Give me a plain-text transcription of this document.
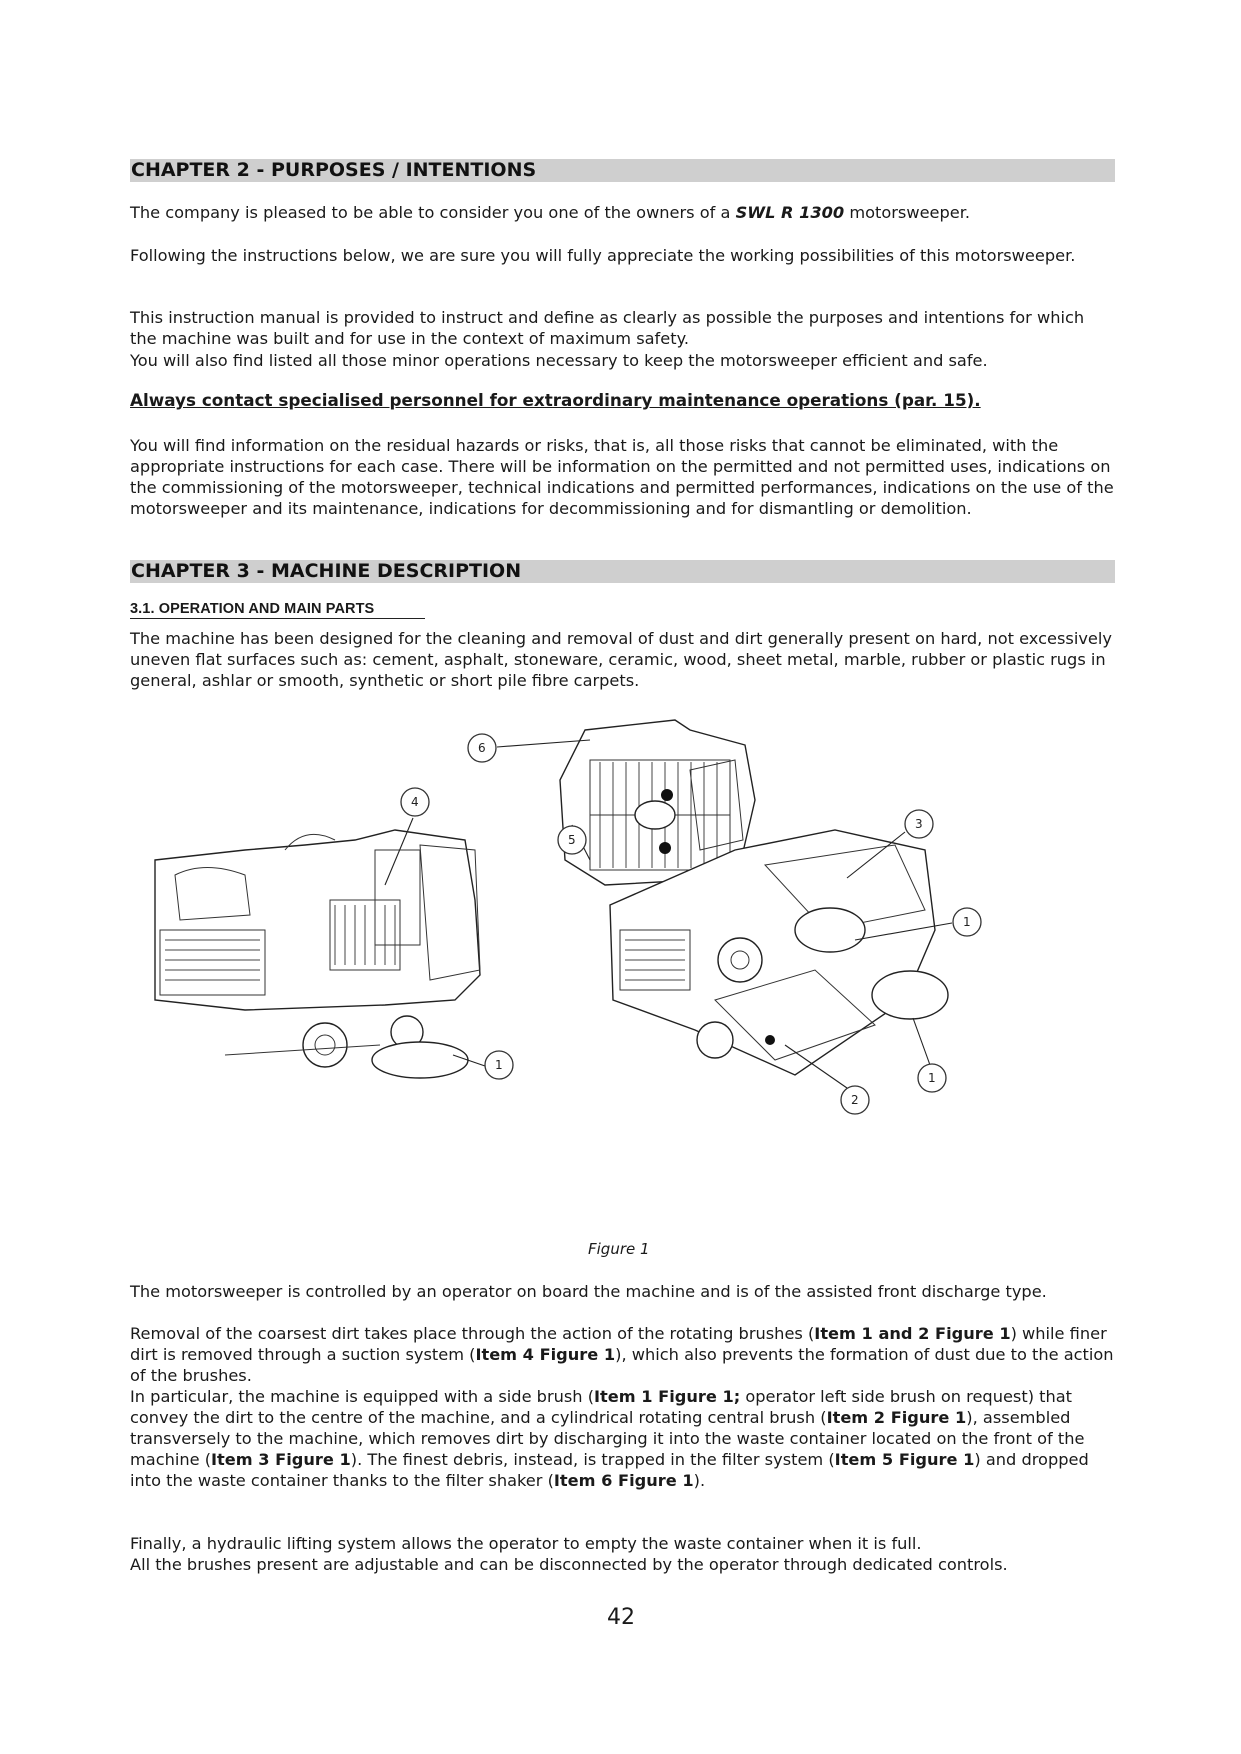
CHAPTER 2 - PURPOSES / INTENTIONS

The company is pleased to be able to consider you one of the owners of a SWL R 1300 motorsweeper.

Following the instructions below, we are sure you will fully appreciate the working possibilities of this motorsweeper.

This instruction manual is provided to instruct and define as clearly as possible the purposes and intentions for which the machine was built and for use in the context of maximum safety.

You will also find listed all those minor operations necessary to keep the motorsweeper efficient and safe.

Always contact specialised personnel for extraordinary maintenance operations (par. 15).

You will find information on the residual hazards or risks, that is, all those risks that cannot be eliminated, with the appropriate instructions for each case. There will be information on the permitted and not permitted uses, indications on the commissioning of the motorsweeper, technical indications and permitted performances, indications on the use of the motorsweeper and its maintenance, indications for decommissioning and for dismantling or demolition.

CHAPTER 3 - MACHINE DESCRIPTION
3.1. OPERATION AND MAIN PARTS

The machine has been designed for the cleaning and removal of dust and dirt generally present on hard, not excessively uneven flat surfaces such as: cement, asphalt, stoneware, ceramic, wood, sheet metal, marble, rubber or plastic rugs in general, ashlar or smooth, synthetic or short pile fibre carpets.

Figure 1

The motorsweeper is controlled by an operator on board the machine and is of the assisted front discharge type.

Removal of the coarsest dirt takes place through the action of the rotating brushes (Item 1 and 2 Figure 1) while finer dirt is removed through a suction system (Item 4 Figure 1), which also prevents the formation of dust due to the action of the brushes.

In particular, the machine is equipped with a side brush (Item 1 Figure 1; operator left side brush on request) that convey the dirt to the centre of the machine, and a cylindrical rotating central brush (Item 2 Figure 1), assembled transversely to the machine, which removes dirt by discharging it into the waste container located on the front of the machine (Item 3 Figure 1). The finest debris, instead, is trapped in the filter system (Item 5 Figure 1) and dropped into the waste container thanks to the filter shaker (Item 6 Figure 1).

Finally, a hydraulic lifting system allows the operator to empty the waste container when it is full.

All the brushes present are adjustable and can be disconnected by the operator through dedicated controls.

42
6
5
4
3
1
1
1
2
